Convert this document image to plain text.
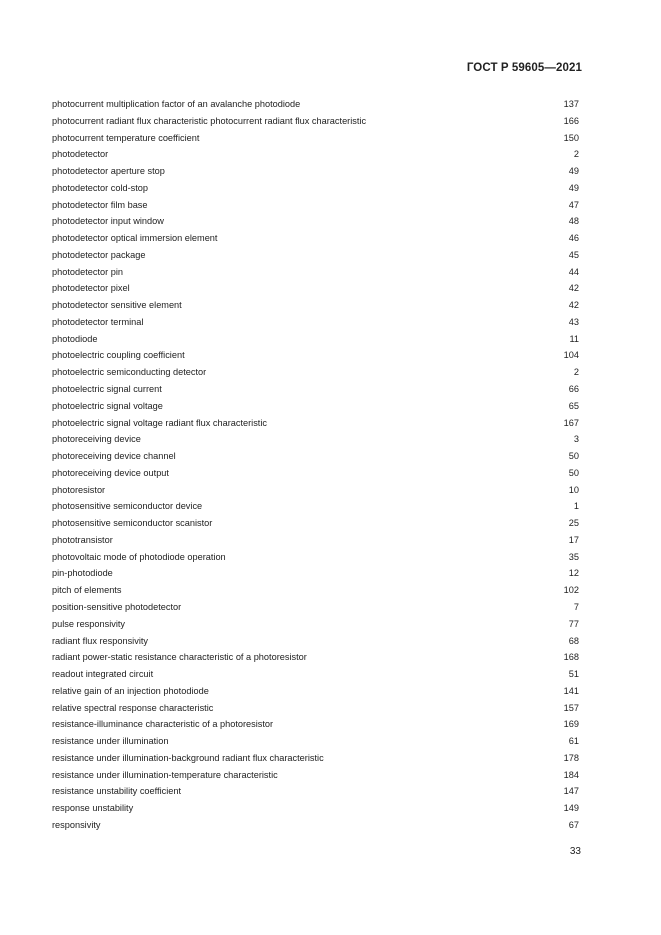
ГОСТ Р 59605—2021
photocurrent multiplication factor of an avalanche photodiode	137
photocurrent radiant flux characteristic photocurrent radiant flux characteristic	166
photocurrent temperature coefficient	150
photodetector	2
photodetector aperture stop	49
photodetector cold-stop	49
photodetector film base	47
photodetector input window	48
photodetector optical immersion element	46
photodetector package	45
photodetector pin	44
photodetector pixel	42
photodetector sensitive element	42
photodetector terminal	43
photodiode	11
photoelectric coupling coefficient	104
photoelectric semiconducting detector	2
photoelectric signal current	66
photoelectric signal voltage	65
photoelectric signal voltage radiant flux characteristic	167
photoreceiving device	3
photoreceiving device channel	50
photoreceiving device output	50
photoresistor	10
photosensitive semiconductor device	1
photosensitive semiconductor scanistor	25
phototransistor	17
photovoltaic mode of photodiode operation	35
pin-photodiode	12
pitch of elements	102
position-sensitive photodetector	7
pulse responsivity	77
radiant flux responsivity	68
radiant power-static resistance characteristic of a photoresistor	168
readout integrated circuit	51
relative gain of an injection photodiode	141
relative spectral response characteristic	157
resistance-illuminance characteristic of a photoresistor	169
resistance under illumination	61
resistance under illumination-background radiant flux characteristic	178
resistance under illumination-temperature characteristic	184
resistance unstability coefficient	147
response unstability	149
responsivity	67
33
